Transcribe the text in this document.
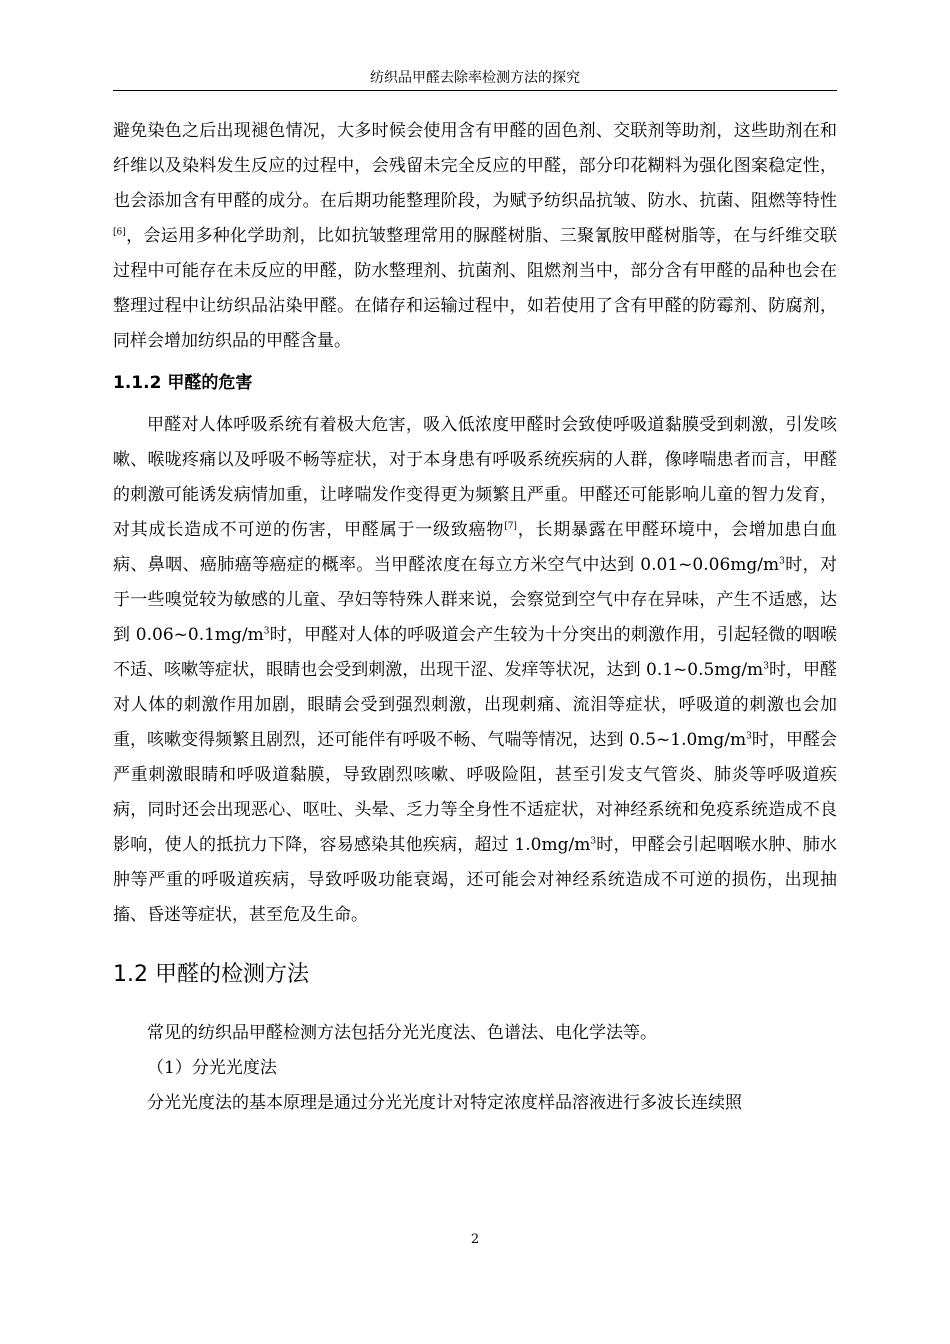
纺织品甲醛去除率检测方法的探究

避免染色之后出现褪色情况，大多时候会使用含有甲醛的固色剂、交联剂等助剂，这些助剂在和纤维以及染料发生反应的过程中，会残留未完全反应的甲醛，部分印花糊料为强化图案稳定性，也会添加含有甲醛的成分。在后期功能整理阶段，为赋予纺织品抗皱、防水、抗菌、阻燃等特性[6]，会运用多种化学助剂，比如抗皱整理常用的脲醛树脂、三聚氰胺甲醛树脂等，在与纤维交联过程中可能存在未反应的甲醛，防水整理剂、抗菌剂、阻燃剂当中，部分含有甲醛的品种也会在整理过程中让纺织品沾染甲醛。在储存和运输过程中，如若使用了含有甲醛的防霉剂、防腐剂，同样会增加纺织品的甲醛含量。

1.1.2 甲醛的危害

甲醛对人体呼吸系统有着极大危害，吸入低浓度甲醛时会致使呼吸道黏膜受到刺激，引发咳嗽、喉咙疼痛以及呼吸不畅等症状，对于本身患有呼吸系统疾病的人群，像哮喘患者而言，甲醛的刺激可能诱发病情加重，让哮喘发作变得更为频繁且严重。甲醛还可能影响儿童的智力发育，对其成长造成不可逆的伤害，甲醛属于一级致癌物[7]，长期暴露在甲醛环境中，会增加患白血病、鼻咽、癌肺癌等癌症的概率。当甲醛浓度在每立方米空气中达到 $0.01\sim 0.06mg/m^3$时，对于一些嗅觉较为敏感的儿童、孕妇等特殊人群来说，会察觉到空气中存在异味，产生不适感，达到 $0.06\sim 0.1mg/m^3$时，甲醛对人体的呼吸道会产生较为十分突出的刺激作用，引起轻微的咽喉不适、咳嗽等症状，眼睛也会受到刺激，出现干涩、发痒等状况，达到 $0.1\sim 0.5mg/m^3$时，甲醛对人体的刺激作用加剧，眼睛会受到强烈刺激，出现刺痛、流泪等症状，呼吸道的刺激也会加重，咳嗽变得频繁且剧烈，还可能伴有呼吸不畅、气喘等情况，达到 $0.5\sim 1.0mg/m^3$时，甲醛会严重刺激眼睛和呼吸道黏膜，导致剧烈咳嗽、呼吸险阻，甚至引发支气管炎、肺炎等呼吸道疾病，同时还会出现恶心、呕吐、头晕、乏力等全身性不适症状，对神经系统和免疫系统造成不良影响，使人的抵抗力下降，容易感染其他疾病，超过 $1.0mg/m^3$时，甲醛会引起咽喉水肿、肺水肿等严重的呼吸道疾病，导致呼吸功能衰竭，还可能会对神经系统造成不可逆的损伤，出现抽搐、昏迷等症状，甚至危及生命。

1.2 甲醛的检测方法

常见的纺织品甲醛检测方法包括分光光度法、色谱法、电化学法等。

（1）分光光度法

分光光度法的基本原理是通过分光光度计对特定浓度样品溶液进行多波长连续照

2
